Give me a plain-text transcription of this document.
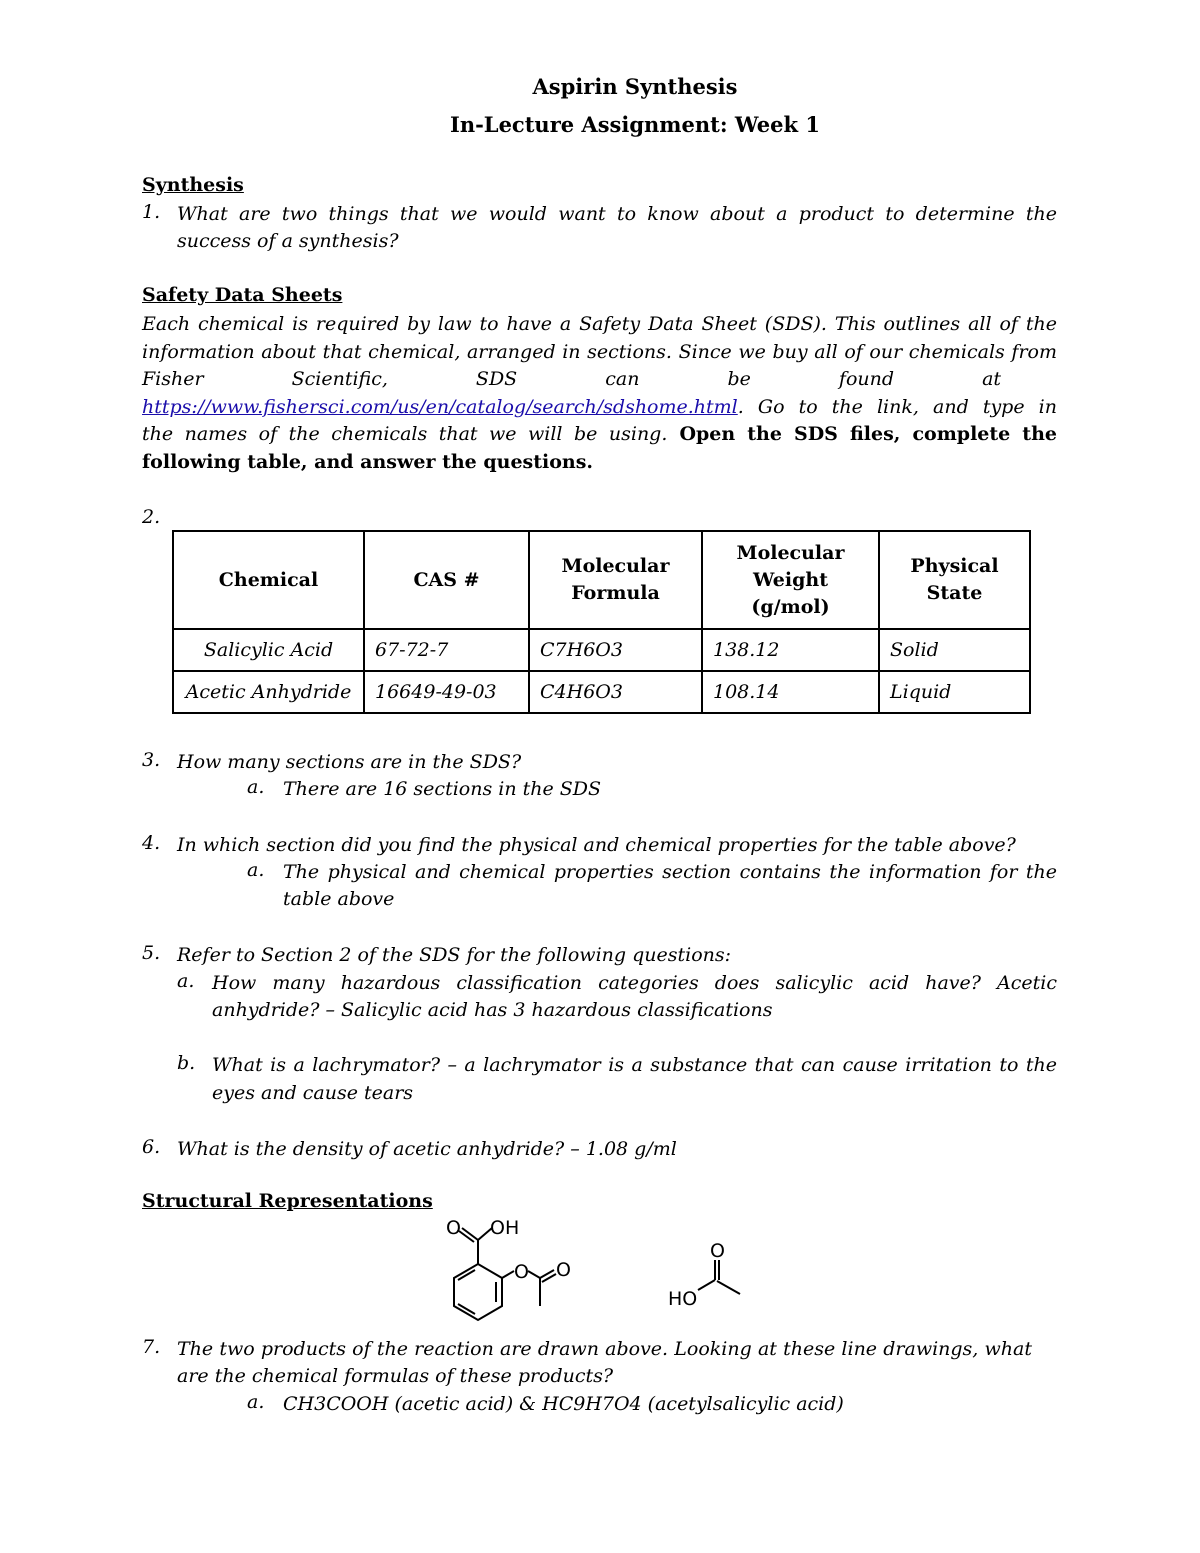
Aspirin Synthesis
In-Lecture Assignment: Week 1
Synthesis
1. What are two things that we would want to know about a product to determine the
success of a synthesis?
Safety Data Sheets
Each chemical is required by law to have a Safety Data Sheet (SDS). This outlines all of the
information about that chemical, arranged in sections. Since we buy all of our chemicals from
Fisher Scientific, SDS can be found at
https://www.fishersci.com/us/en/catalog/search/sdshome.html. Go to the link, and type in
the names of the chemicals that we will be using. Open the SDS files, complete the
following table, and answer the questions.
2.
Chemical	CAS #	Molecular Formula	Molecular Weight (g/mol)	Physical State
Salicylic Acid	67-72-7	C7H6O3	138.12	Solid
Acetic Anhydride	16649-49-03	C4H6O3	108.14	Liquid
3. How many sections are in the SDS?
a. There are 16 sections in the SDS
4. In which section did you find the physical and chemical properties for the table above?
a. The physical and chemical properties section contains the information for the
table above
5. Refer to Section 2 of the SDS for the following questions:
a. How many hazardous classification categories does salicylic acid have? Acetic
anhydride? – Salicylic acid has 3 hazardous classifications
b. What is a lachrymator? – a lachrymator is a substance that can cause irritation to the
eyes and cause tears
6. What is the density of acetic anhydride? – 1.08 g/ml
Structural Representations
O OH
O O
O
HO
7. The two products of the reaction are drawn above. Looking at these line drawings, what
are the chemical formulas of these products?
a. CH3COOH (acetic acid) & HC9H7O4 (acetylsalicylic acid)
